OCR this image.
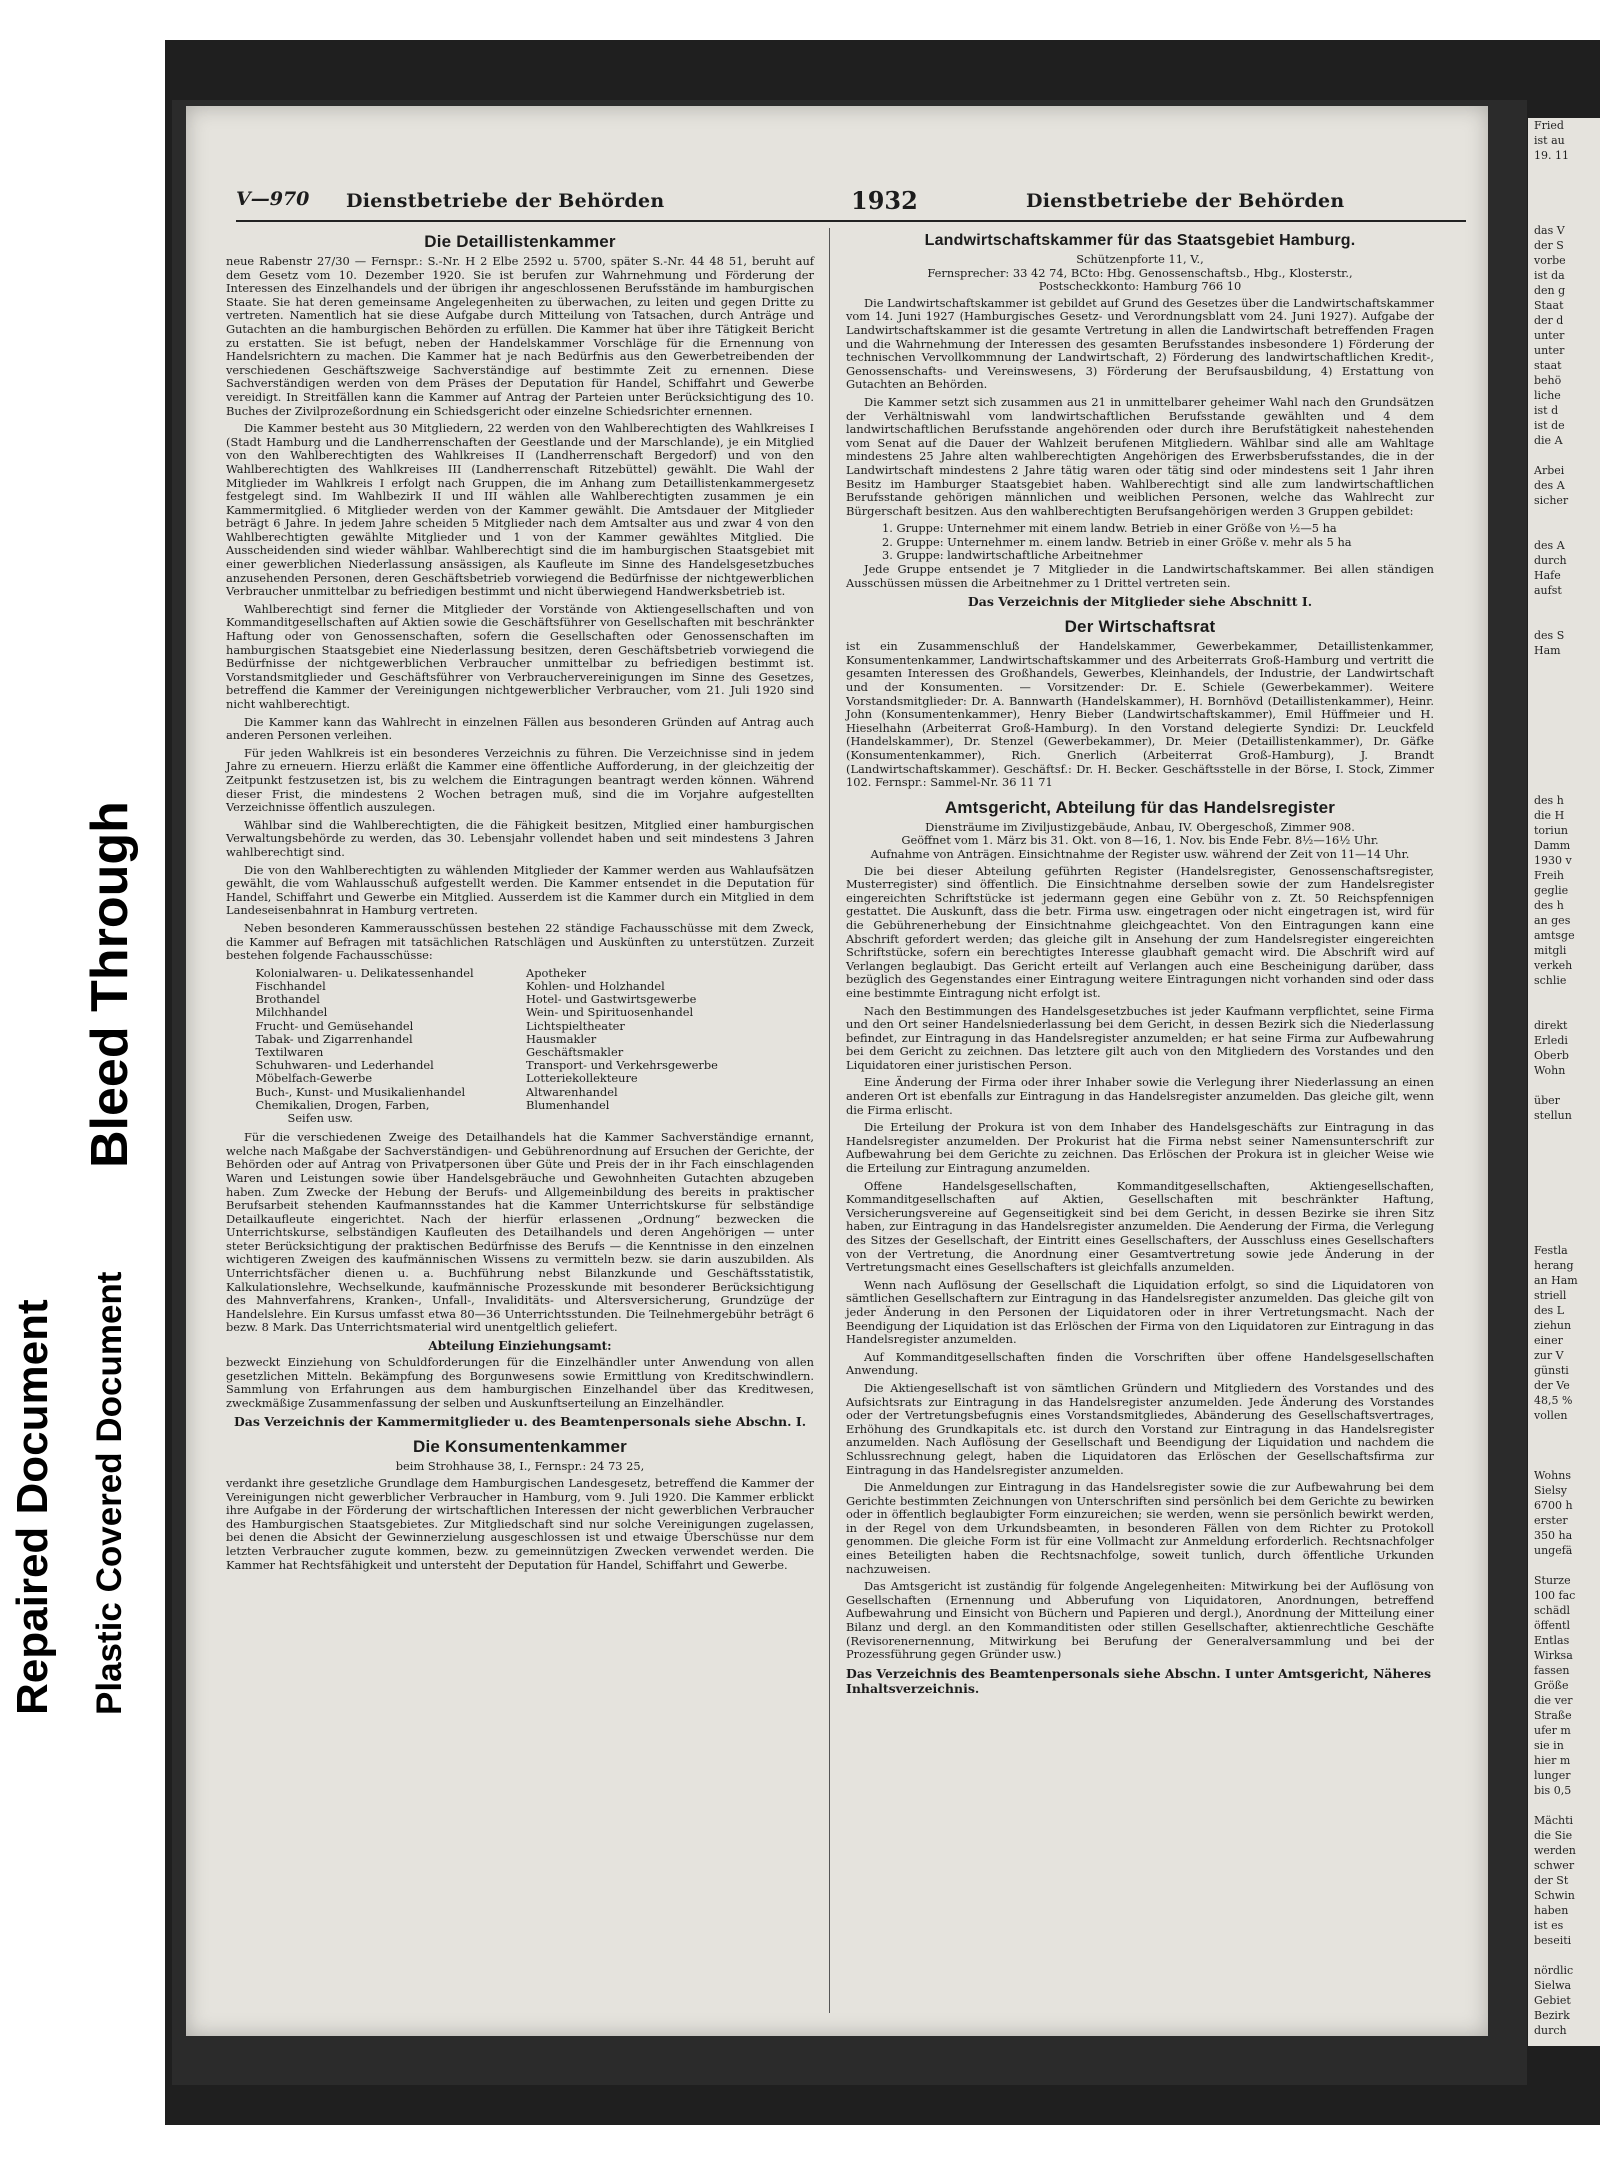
Bleed Through
Repaired Document Plastic Covered Document
Fried
ist au
19. 11

das V
der S
vorbe
ist da
den g
Staat
der d
unter
unter
staat
behö
liche
ist d
ist de
die A

Arbei
des A
sicher

des A
durch
Hafe
aufst

des S
Ham

des h
die H
toriun
Damm
1930 v
Freih
geglie
des h
an ges
amtsge
mitgli
verkeh
schlie

direkt
Erledi
Oberb
Wohn

über
stellun

Festla
herang
an Ham
striell
des L
ziehun
einer
zur V
günsti
der Ve
48,5 %
vollen

Wohns
Sielsy
6700 h
erster
350 ha
ungefä

Sturze
100 fac
schädl
öffentl
Entlas
Wirksa
fassen
Größe
die ver
Straße
ufer m
sie in
hier m
lunger
bis 0,5

Mächti
die Sie
werden
schwer
der St
Schwin
haben
ist es
beseiti

nördlic
Sielwa
Gebiet
Bezirk
durch
V—970 Dienstbetriebe der Behörden	1932	Dienstbetriebe der Behörden
Die Detaillistenkammer

neue Rabenstr 27/30 — Fernspr.: S.-Nr. H 2 Elbe 2592 u. 5700, später S.-Nr. 44 48 51, beruht auf dem Gesetz vom 10. Dezember 1920. Sie ist berufen zur Wahrnehmung und Förderung der Interessen des Einzelhandels und der übrigen ihr angeschlossenen Berufsstände im hamburgischen Staate. Sie hat deren gemeinsame Angelegenheiten zu überwachen, zu leiten und gegen Dritte zu vertreten. Namentlich hat sie diese Aufgabe durch Mitteilung von Tatsachen, durch Anträge und Gutachten an die hamburgischen Behörden zu erfüllen. Die Kammer hat über ihre Tätigkeit Bericht zu erstatten. Sie ist befugt, neben der Handelskammer Vorschläge für die Ernennung von Handelsrichtern zu machen. Die Kammer hat je nach Bedürfnis aus den Gewerbetreibenden der verschiedenen Geschäftszweige Sachverständige auf bestimmte Zeit zu ernennen. Diese Sachverständigen werden von dem Präses der Deputation für Handel, Schiffahrt und Gewerbe vereidigt. In Streitfällen kann die Kammer auf Antrag der Parteien unter Berücksichtigung des 10. Buches der Zivilprozeßordnung ein Schiedsgericht oder einzelne Schiedsrichter ernennen.

Die Kammer besteht aus 30 Mitgliedern, 22 werden von den Wahlberechtigten des Wahlkreises I (Stadt Hamburg und die Landherrenschaften der Geestlande und der Marschlande), je ein Mitglied von den Wahlberechtigten des Wahlkreises II (Landherrenschaft Bergedorf) und von den Wahlberechtigten des Wahlkreises III (Landherrenschaft Ritzebüttel) gewählt. Die Wahl der Mitglieder im Wahlkreis I erfolgt nach Gruppen, die im Anhang zum Detaillistenkammergesetz festgelegt sind. Im Wahlbezirk II und III wählen alle Wahlberechtigten zusammen je ein Kammermitglied. 6 Mitglieder werden von der Kammer gewählt. Die Amtsdauer der Mitglieder beträgt 6 Jahre. In jedem Jahre scheiden 5 Mitglieder nach dem Amtsalter aus und zwar 4 von den Wahlberechtigten gewählte Mitglieder und 1 von der Kammer gewähltes Mitglied. Die Ausscheidenden sind wieder wählbar. Wahlberechtigt sind die im hamburgischen Staatsgebiet mit einer gewerblichen Niederlassung ansässigen, als Kaufleute im Sinne des Handelsgesetzbuches anzusehenden Personen, deren Geschäftsbetrieb vorwiegend die Bedürfnisse der nichtgewerblichen Verbraucher unmittelbar zu befriedigen bestimmt und nicht überwiegend Handwerksbetrieb ist.

Wahlberechtigt sind ferner die Mitglieder der Vorstände von Aktiengesellschaften und von Kommanditgesellschaften auf Aktien sowie die Geschäftsführer von Gesellschaften mit beschränkter Haftung oder von Genossenschaften, sofern die Gesellschaften oder Genossenschaften im hamburgischen Staatsgebiet eine Niederlassung besitzen, deren Geschäftsbetrieb vorwiegend die Bedürfnisse der nichtgewerblichen Verbraucher unmittelbar zu befriedigen bestimmt ist. Vorstandsmitglieder und Geschäftsführer von Verbrauchervereinigungen im Sinne des Gesetzes, betreffend die Kammer der Vereinigungen nichtgewerblicher Verbraucher, vom 21. Juli 1920 sind nicht wahlberechtigt.

Die Kammer kann das Wahlrecht in einzelnen Fällen aus besonderen Gründen auf Antrag auch anderen Personen verleihen.

Für jeden Wahlkreis ist ein besonderes Verzeichnis zu führen. Die Verzeichnisse sind in jedem Jahre zu erneuern. Hierzu erläßt die Kammer eine öffentliche Aufforderung, in der gleichzeitig der Zeitpunkt festzusetzen ist, bis zu welchem die Eintragungen beantragt werden können. Während dieser Frist, die mindestens 2 Wochen betragen muß, sind die im Vorjahre aufgestellten Verzeichnisse öffentlich auszulegen.

Wählbar sind die Wahlberechtigten, die die Fähigkeit besitzen, Mitglied einer hamburgischen Verwaltungsbehörde zu werden, das 30. Lebensjahr vollendet haben und seit mindestens 3 Jahren wahlberechtigt sind.

Die von den Wahlberechtigten zu wählenden Mitglieder der Kammer werden aus Wahlaufsätzen gewählt, die vom Wahlausschuß aufgestellt werden. Die Kammer entsendet in die Deputation für Handel, Schiffahrt und Gewerbe ein Mitglied. Ausserdem ist die Kammer durch ein Mitglied in dem Landeseisenbahnrat in Hamburg vertreten.

Neben besonderen Kammerausschüssen bestehen 22 ständige Fachausschüsse mit dem Zweck, die Kammer auf Befragen mit tatsächlichen Ratschlägen und Auskünften zu unterstützen. Zurzeit bestehen folgende Fachausschüsse:

Kolonialwaren- u. Delikatessenhandel	Apotheker
Fischhandel	Kohlen- und Holzhandel
Brothandel	Hotel- und Gastwirtsgewerbe
Milchhandel	Wein- und Spirituosenhandel
Frucht- und Gemüsehandel	Lichtspieltheater
Tabak- und Zigarrenhandel	Hausmakler
Textilwaren	Geschäftsmakler
Schuhwaren- und Lederhandel	Transport- und Verkehrsgewerbe
Möbelfach-Gewerbe	Lotteriekollekteure
Buch-, Kunst- und Musikalienhandel	Altwarenhandel
Chemikalien, Drogen, Farben,	Blumenhandel
Seifen usw.	

Für die verschiedenen Zweige des Detailhandels hat die Kammer Sachverständige ernannt, welche nach Maßgabe der Sachverständigen- und Gebührenordnung auf Ersuchen der Gerichte, der Behörden oder auf Antrag von Privatpersonen über Güte und Preis der in ihr Fach einschlagenden Waren und Leistungen sowie über Handelsgebräuche und Gewohnheiten Gutachten abzugeben haben. Zum Zwecke der Hebung der Berufs- und Allgemeinbildung des bereits in praktischer Berufsarbeit stehenden Kaufmannsstandes hat die Kammer Unterrichtskurse für selbständige Detailkaufleute eingerichtet. Nach der hierfür erlassenen „Ordnung“ bezwecken die Unterrichtskurse, selbständigen Kaufleuten des Detailhandels und deren Angehörigen — unter steter Berücksichtigung der praktischen Bedürfnisse des Berufs — die Kenntnisse in den einzelnen wichtigeren Zweigen des kaufmännischen Wissens zu vermitteln bezw. sie darin auszubilden. Als Unterrichtsfächer dienen u. a. Buchführung nebst Bilanzkunde und Geschäftsstatistik, Kalkulationslehre, Wechselkunde, kaufmännische Prozesskunde mit besonderer Berücksichtigung des Mahnverfahrens, Kranken-, Unfall-, Invaliditäts- und Altersversicherung, Grundzüge der Handelslehre. Ein Kursus umfasst etwa 80—36 Unterrichtsstunden. Die Teilnehmergebühr beträgt 6 bezw. 8 Mark. Das Unterrichtsmaterial wird unentgeltlich geliefert.

Abteilung Einziehungsamt:

bezweckt Einziehung von Schuldforderungen für die Einzelhändler unter Anwendung von allen gesetzlichen Mitteln. Bekämpfung des Borgunwesens sowie Ermittlung von Kreditschwindlern. Sammlung von Erfahrungen aus dem hamburgischen Einzelhandel über das Kreditwesen, zweckmäßige Zusammenfassung der selben und Auskunftserteilung an Einzelhändler.

Das Verzeichnis der Kammermitglieder u. des Beamtenpersonals siehe Abschn. I.
Die Konsumentenkammer
beim Strohhause 38, I., Fernspr.: 24 73 25,

verdankt ihre gesetzliche Grundlage dem Hamburgischen Landesgesetz, betreffend die Kammer der Vereinigungen nicht gewerblicher Verbraucher in Hamburg, vom 9. Juli 1920. Die Kammer erblickt ihre Aufgabe in der Förderung der wirtschaftlichen Interessen der nicht gewerblichen Verbraucher des Hamburgischen Staatsgebietes. Zur Mitgliedschaft sind nur solche Vereinigungen zugelassen, bei denen die Absicht der Gewinnerzielung ausgeschlossen ist und etwaige Überschüsse nur dem letzten Verbraucher zugute kommen, bezw. zu gemeinnützigen Zwecken verwendet werden. Die Kammer hat Rechtsfähigkeit und untersteht der Deputation für Handel, Schiffahrt und Gewerbe.

Landwirtschaftskammer für das Staatsgebiet Hamburg.
Schützenpforte 11, V.,
Fernsprecher: 33 42 74, BCto: Hbg. Genossenschaftsb., Hbg., Klosterstr.,
Postscheckkonto: Hamburg 766 10

Die Landwirtschaftskammer ist gebildet auf Grund des Gesetzes über die Landwirtschaftskammer vom 14. Juni 1927 (Hamburgisches Gesetz- und Verordnungsblatt vom 24. Juni 1927). Aufgabe der Landwirtschaftskammer ist die gesamte Vertretung in allen die Landwirtschaft betreffenden Fragen und die Wahrnehmung der Interessen des gesamten Berufsstandes insbesondere 1) Förderung der technischen Vervollkommnung der Landwirtschaft, 2) Förderung des landwirtschaftlichen Kredit-, Genossenschafts- und Vereinswesens, 3) Förderung der Berufsausbildung, 4) Erstattung von Gutachten an Behörden.

Die Kammer setzt sich zusammen aus 21 in unmittelbarer geheimer Wahl nach den Grundsätzen der Verhältniswahl vom landwirtschaftlichen Berufsstande gewählten und 4 dem landwirtschaftlichen Berufsstande angehörenden oder durch ihre Berufstätigkeit nahestehenden vom Senat auf die Dauer der Wahlzeit berufenen Mitgliedern. Wählbar sind alle am Wahltage mindestens 25 Jahre alten wahlberechtigten Angehörigen des Erwerbsberufsstandes, die in der Landwirtschaft mindestens 2 Jahre tätig waren oder tätig sind oder mindestens seit 1 Jahr ihren Besitz im Hamburger Staatsgebiet haben. Wahlberechtigt sind alle zum landwirtschaftlichen Berufsstande gehörigen männlichen und weiblichen Personen, welche das Wahlrecht zur Bürgerschaft besitzen. Aus den wahlberechtigten Berufsangehörigen werden 3 Gruppen gebildet:

1. Gruppe: Unternehmer mit einem landw. Betrieb in einer Größe von ½—5 ha
2. Gruppe: Unternehmer m. einem landw. Betrieb in einer Größe v. mehr als 5 ha
3. Gruppe: landwirtschaftliche Arbeitnehmer

Jede Gruppe entsendet je 7 Mitglieder in die Landwirtschaftskammer. Bei allen ständigen Ausschüssen müssen die Arbeitnehmer zu 1 Drittel vertreten sein.

Das Verzeichnis der Mitglieder siehe Abschnitt I.
Der Wirtschaftsrat

ist ein Zusammenschluß der Handelskammer, Gewerbekammer, Detaillistenkammer, Konsumentenkammer, Landwirtschaftskammer und des Arbeiterrats Groß-Hamburg und vertritt die gesamten Interessen des Großhandels, Gewerbes, Kleinhandels, der Industrie, der Landwirtschaft und der Konsumenten. — Vorsitzender: Dr. E. Schiele (Gewerbekammer). Weitere Vorstandsmitglieder: Dr. A. Bannwarth (Handelskammer), H. Bornhövd (Detaillistenkammer), Heinr. John (Konsumentenkammer), Henry Bieber (Landwirtschaftskammer), Emil Hüffmeier und H. Hieselhahn (Arbeiterrat Groß-Hamburg). In den Vorstand delegierte Syndizi: Dr. Leuckfeld (Handelskammer), Dr. Stenzel (Gewerbekammer), Dr. Meier (Detaillistenkammer), Dr. Gäfke (Konsumentenkammer), Rich. Gnerlich (Arbeiterrat Groß-Hamburg), J. Brandt (Landwirtschaftskammer). Geschäftsf.: Dr. H. Becker. Geschäftsstelle in der Börse, I. Stock, Zimmer 102. Fernspr.: Sammel-Nr. 36 11 71

Amtsgericht, Abteilung für das Handelsregister
Diensträume im Ziviljustizgebäude, Anbau, IV. Obergeschoß, Zimmer 908.
Geöffnet vom 1. März bis 31. Okt. von 8—16, 1. Nov. bis Ende Febr. 8½—16½ Uhr.
Aufnahme von Anträgen. Einsichtnahme der Register usw. während der Zeit von 11—14 Uhr.

Die bei dieser Abteilung geführten Register (Handelsregister, Genossenschaftsregister, Musterregister) sind öffentlich. Die Einsichtnahme derselben sowie der zum Handelsregister eingereichten Schriftstücke ist jedermann gegen eine Gebühr von z. Zt. 50 Reichspfennigen gestattet. Die Auskunft, dass die betr. Firma usw. eingetragen oder nicht eingetragen ist, wird für die Gebührenerhebung der Einsichtnahme gleichgeachtet. Von den Eintragungen kann eine Abschrift gefordert werden; das gleiche gilt in Ansehung der zum Handelsregister eingereichten Schriftstücke, sofern ein berechtigtes Interesse glaubhaft gemacht wird. Die Abschrift wird auf Verlangen beglaubigt. Das Gericht erteilt auf Verlangen auch eine Bescheinigung darüber, dass bezüglich des Gegenstandes einer Eintragung weitere Eintragungen nicht vorhanden sind oder dass eine bestimmte Eintragung nicht erfolgt ist.

Nach den Bestimmungen des Handelsgesetzbuches ist jeder Kaufmann verpflichtet, seine Firma und den Ort seiner Handelsniederlassung bei dem Gericht, in dessen Bezirk sich die Niederlassung befindet, zur Eintragung in das Handelsregister anzumelden; er hat seine Firma zur Aufbewahrung bei dem Gericht zu zeichnen. Das letztere gilt auch von den Mitgliedern des Vorstandes und den Liquidatoren einer juristischen Person.

Eine Änderung der Firma oder ihrer Inhaber sowie die Verlegung ihrer Niederlassung an einen anderen Ort ist ebenfalls zur Eintragung in das Handelsregister anzumelden. Das gleiche gilt, wenn die Firma erlischt.

Die Erteilung der Prokura ist von dem Inhaber des Handelsgeschäfts zur Eintragung in das Handelsregister anzumelden. Der Prokurist hat die Firma nebst seiner Namensunterschrift zur Aufbewahrung bei dem Gerichte zu zeichnen. Das Erlöschen der Prokura ist in gleicher Weise wie die Erteilung zur Eintragung anzumelden.

Offene Handelsgesellschaften, Kommanditgesellschaften, Aktiengesellschaften, Kommanditgesellschaften auf Aktien, Gesellschaften mit beschränkter Haftung, Versicherungsvereine auf Gegenseitigkeit sind bei dem Gericht, in dessen Bezirke sie ihren Sitz haben, zur Eintragung in das Handelsregister anzumelden. Die Aenderung der Firma, die Verlegung des Sitzes der Gesellschaft, der Eintritt eines Gesellschafters, der Ausschluss eines Gesellschafters von der Vertretung, die Anordnung einer Gesamtvertretung sowie jede Änderung in der Vertretungsmacht eines Gesellschafters ist gleichfalls anzumelden.

Wenn nach Auflösung der Gesellschaft die Liquidation erfolgt, so sind die Liquidatoren von sämtlichen Gesellschaftern zur Eintragung in das Handelsregister anzumelden. Das gleiche gilt von jeder Änderung in den Personen der Liquidatoren oder in ihrer Vertretungsmacht. Nach der Beendigung der Liquidation ist das Erlöschen der Firma von den Liquidatoren zur Eintragung in das Handelsregister anzumelden.

Auf Kommanditgesellschaften finden die Vorschriften über offene Handelsgesellschaften Anwendung.

Die Aktiengesellschaft ist von sämtlichen Gründern und Mitgliedern des Vorstandes und des Aufsichtsrats zur Eintragung in das Handelsregister anzumelden. Jede Änderung des Vorstandes oder der Vertretungsbefugnis eines Vorstandsmitgliedes, Abänderung des Gesellschaftsvertrages, Erhöhung des Grundkapitals etc. ist durch den Vorstand zur Eintragung in das Handelsregister anzumelden. Nach Auflösung der Gesellschaft und Beendigung der Liquidation und nachdem die Schlussrechnung gelegt, haben die Liquidatoren das Erlöschen der Gesellschaftsfirma zur Eintragung in das Handelsregister anzumelden.

Die Anmeldungen zur Eintragung in das Handelsregister sowie die zur Aufbewahrung bei dem Gerichte bestimmten Zeichnungen von Unterschriften sind persönlich bei dem Gerichte zu bewirken oder in öffentlich beglaubigter Form einzureichen; sie werden, wenn sie persönlich bewirkt werden, in der Regel von dem Urkundsbeamten, in besonderen Fällen von dem Richter zu Protokoll genommen. Die gleiche Form ist für eine Vollmacht zur Anmeldung erforderlich. Rechtsnachfolger eines Beteiligten haben die Rechtsnachfolge, soweit tunlich, durch öffentliche Urkunden nachzuweisen.

Das Amtsgericht ist zuständig für folgende Angelegenheiten: Mitwirkung bei der Auflösung von Gesellschaften (Ernennung und Abberufung von Liquidatoren, Anordnungen, betreffend Aufbewahrung und Einsicht von Büchern und Papieren und dergl.), Anordnung der Mitteilung einer Bilanz und dergl. an den Kommanditisten oder stillen Gesellschafter, aktienrechtliche Geschäfte (Revisorenernennung, Mitwirkung bei Berufung der Generalversammlung und bei der Prozessführung gegen Gründer usw.)

Das Verzeichnis des Beamtenpersonals siehe Abschn. I unter Amtsgericht, Näheres Inhaltsverzeichnis.
